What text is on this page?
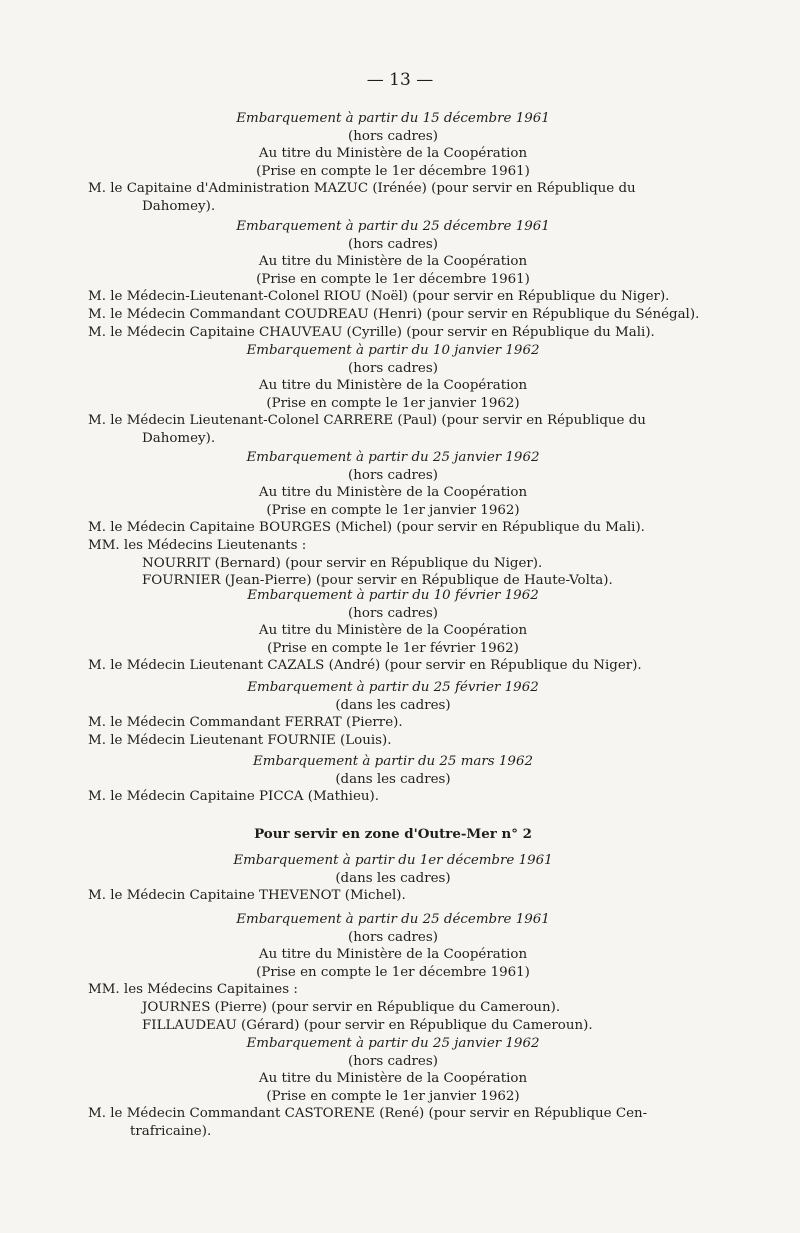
— 13 —
Embarquement à partir du 15 décembre 1961
(hors cadres)
Au titre du Ministère de la Coopération
(Prise en compte le 1er décembre 1961)
M. le Capitaine d'Administration MAZUC (Irénée) (pour servir en République du
Dahomey).
Embarquement à partir du 25 décembre 1961
(hors cadres)
Au titre du Ministère de la Coopération
(Prise en compte le 1er décembre 1961)
M. le Médecin-Lieutenant-Colonel RIOU (Noël) (pour servir en République du Niger).
M. le Médecin Commandant COUDREAU (Henri) (pour servir en République du Sénégal).
M. le Médecin Capitaine CHAUVEAU (Cyrille) (pour servir en République du Mali).
Embarquement à partir du 10 janvier 1962
(hors cadres)
Au titre du Ministère de la Coopération
(Prise en compte le 1er janvier 1962)
M. le Médecin Lieutenant-Colonel CARRERE (Paul) (pour servir en République du
Dahomey).
Embarquement à partir du 25 janvier 1962
(hors cadres)
Au titre du Ministère de la Coopération
(Prise en compte le 1er janvier 1962)
M. le Médecin Capitaine BOURGES (Michel) (pour servir en République du Mali).
MM. les Médecins Lieutenants :
NOURRIT (Bernard) (pour servir en République du Niger).
FOURNIER (Jean-Pierre) (pour servir en République de Haute-Volta).
Embarquement à partir du 10 février 1962
(hors cadres)
Au titre du Ministère de la Coopération
(Prise en compte le 1er février 1962)
M. le Médecin Lieutenant CAZALS (André) (pour servir en République du Niger).
Embarquement à partir du 25 février 1962
(dans les cadres)
M. le Médecin Commandant FERRAT (Pierre).
M. le Médecin Lieutenant FOURNIE (Louis).
Embarquement à partir du 25 mars 1962
(dans les cadres)
M. le Médecin Capitaine PICCA (Mathieu).
Pour servir en zone d'Outre-Mer n° 2
Embarquement à partir du 1er décembre 1961
(dans les cadres)
M. le Médecin Capitaine THEVENOT (Michel).
Embarquement à partir du 25 décembre 1961
(hors cadres)
Au titre du Ministère de la Coopération
(Prise en compte le 1er décembre 1961)
MM. les Médecins Capitaines :
JOURNES (Pierre) (pour servir en République du Cameroun).
FILLAUDEAU (Gérard) (pour servir en République du Cameroun).
Embarquement à partir du 25 janvier 1962
(hors cadres)
Au titre du Ministère de la Coopération
(Prise en compte le 1er janvier 1962)
M. le Médecin Commandant CASTORENE (René) (pour servir en République Cen-
trafricaine).
